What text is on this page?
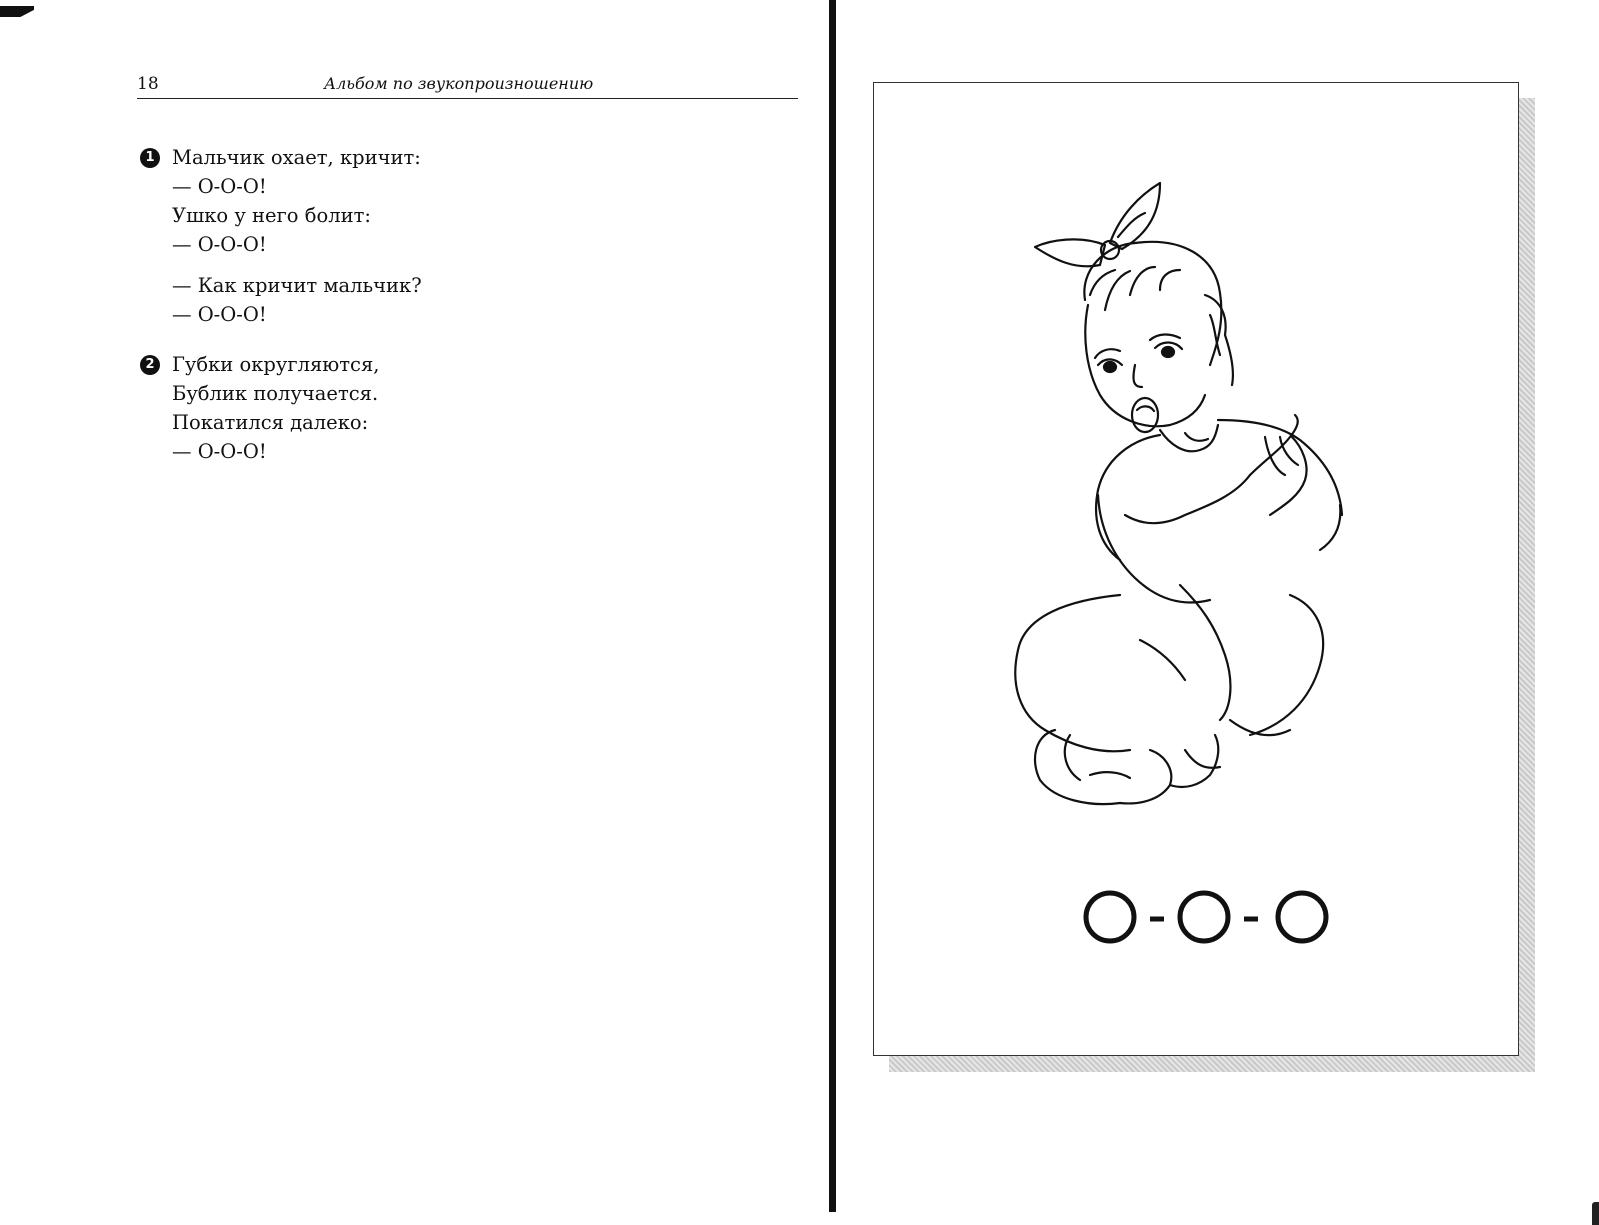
18	Альбом по звукопроизношению
1 Мальчик охает, кричит:
— О-О-О!
Ушко у него болит:
— О-О-О!
— Как кричит мальчик?
— О-О-О!
2 Губки округляются,
Бублик получается.
Покатился далеко:
— О-О-О!
